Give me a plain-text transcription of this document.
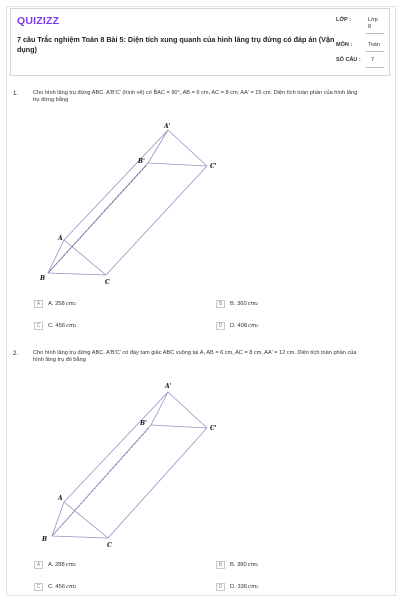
QUIZIZZ
7 câu Trắc nghiệm Toán 8 Bài 5: Diện tích xung quanh của hình lăng trụ đứng có đáp án (Vận dụng)
LỚP :	Lớp 8
MÔN :	Toán
SỐ CÂU : 7
1.	Cho hình lăng trụ đứng ABC. A'B'C' (hình vẽ) có B̂AC = 90°, AB = 6 cm, AC = 8 cm, AA' = 15 cm. Diện tích toàn phần của hình lăng trụ đứng bằng
A'
B'
C'
A
B
C
A	A. 258 cm 2	B	B. 360 cm 2
C	C. 456 cm 2	D	D. 408 cm 2
2.	Cho hình lăng trụ đứng ABC. A'B'C' có đáy tam giác ABC vuông tại A, AB = 6 cm, AC = 8 cm, AA' = 12 cm. Diện tích toàn phần của hình lăng trụ đó bằng
A'
B'
C'
A
B
C
A	A. 288 cm 2	B	B. 380 cm 2
C	C. 456 cm 2	D	D. 336 cm 2
